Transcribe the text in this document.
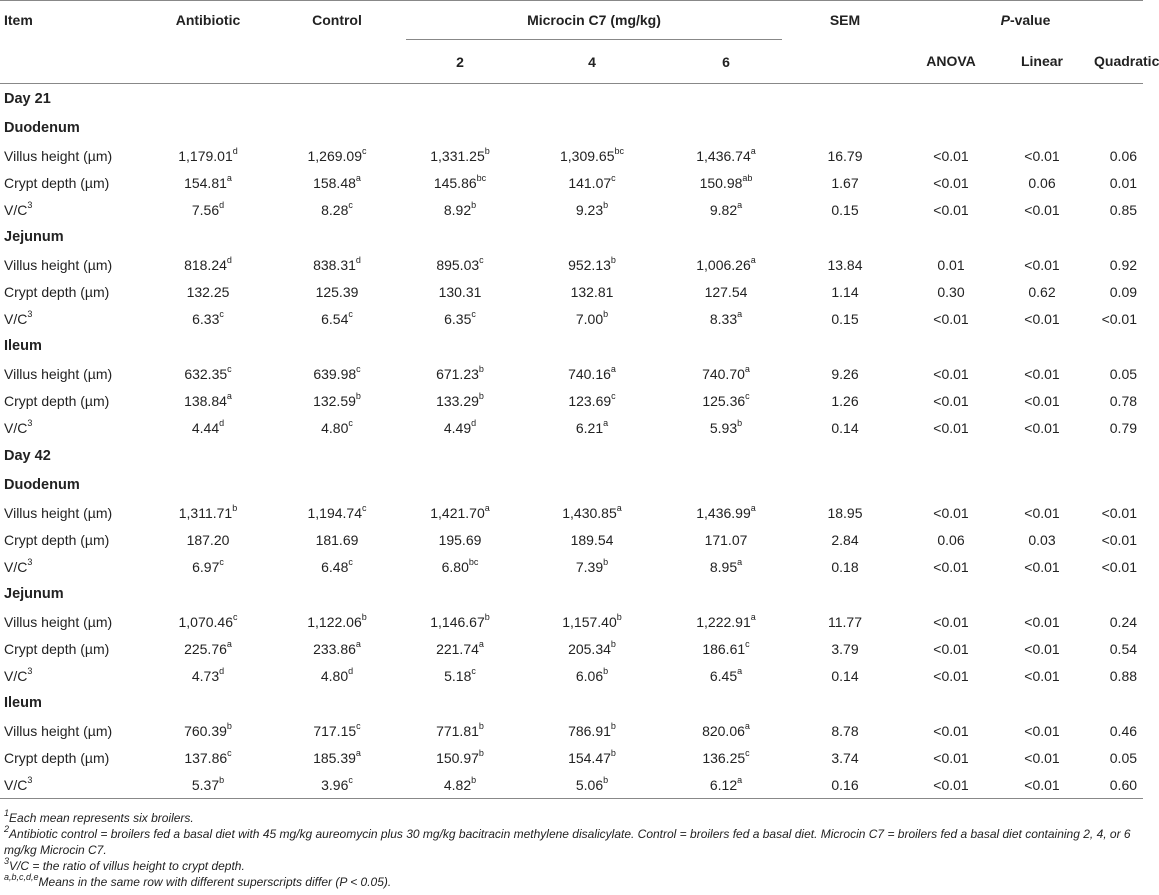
Item	Antibiotic	Control	Microcin C7 (mg/kg)			SEM	P-value		
			2	4	6		ANOVA	Linear	Quadratic
Day 21									
Duodenum									
Villus height (µm)	1,179.01$^d$	1,269.09$^c$	1,331.25$^b$	1,309.65$^{bc}$	1,436.74$^a$	16.79	<0.01	<0.01	0.06
Crypt depth (µm)	154.81$^a$	158.48$^a$	145.86$^{bc}$	141.07$^c$	150.98$^{ab}$	1.67	<0.01	0.06	0.01
$V/C^3$	7.56$^d$	8.28$^c$	8.92$^b$	9.23$^b$	9.82$^a$	0.15	<0.01	<0.01	0.85
Jejunum									
Villus height (µm)	818.24$^d$	838.31$^d$	895.03$^c$	952.13$^b$	1,006.26$^a$	13.84	0.01	<0.01	0.92
Crypt depth (µm)	132.25	125.39	130.31	132.81	127.54	1.14	0.30	0.62	0.09
$V/C^3$	6.33$^c$	6.54$^c$	6.35$^c$	7.00$^b$	8.33$^a$	0.15	<0.01	<0.01	<0.01
Ileum									
Villus height (µm)	632.35$^c$	639.98$^c$	671.23$^b$	740.16$^a$	740.70$^a$	9.26	<0.01	<0.01	0.05
Crypt depth (µm)	138.84$^a$	132.59$^b$	133.29$^b$	123.69$^c$	125.36$^c$	1.26	<0.01	<0.01	0.78
$V/C^3$	4.44$^d$	4.80$^c$	4.49$^d$	6.21$^a$	5.93$^b$	0.14	<0.01	<0.01	0.79
Day 42									
Duodenum									
Villus height (µm)	1,311.71$^b$	1,194.74$^c$	1,421.70$^a$	1,430.85$^a$	1,436.99$^a$	18.95	<0.01	<0.01	<0.01
Crypt depth (µm)	187.20	181.69	195.69	189.54	171.07	2.84	0.06	0.03	<0.01
$V/C^3$	6.97$^c$	6.48$^c$	6.80$^{bc}$	7.39$^b$	8.95$^a$	0.18	<0.01	<0.01	<0.01
Jejunum									
Villus height (µm)	1,070.46$^c$	1,122.06$^b$	1,146.67$^b$	1,157.40$^b$	1,222.91$^a$	11.77	<0.01	<0.01	0.24
Crypt depth (µm)	225.76$^a$	233.86$^a$	221.74$^a$	205.34$^b$	186.61$^c$	3.79	<0.01	<0.01	0.54
$V/C^3$	4.73$^d$	4.80$^d$	5.18$^c$	6.06$^b$	6.45$^a$	0.14	<0.01	<0.01	0.88
Ileum									
Villus height (µm)	760.39$^b$	717.15$^c$	771.81$^b$	786.91$^b$	820.06$^a$	8.78	<0.01	<0.01	0.46
Crypt depth (µm)	137.86$^c$	185.39$^a$	150.97$^b$	154.47$^b$	136.25$^c$	3.74	<0.01	<0.01	0.05
$V/C^3$	5.37$^b$	3.96$^c$	4.82$^b$	5.06$^b$	6.12$^a$	0.16	<0.01	<0.01	0.60

$^1$Each mean represents six broilers.

$^2$Antibiotic control = broilers fed a basal diet with 45 mg/kg aureomycin plus 30 mg/kg bacitracin methylene disalicylate. Control = broilers fed a basal diet. Microcin C7 = broilers fed a basal diet containing 2, 4, or 6 mg/kg Microcin C7.

$^3$V/C = the ratio of villus height to crypt depth.

$^{a,b,c,d,e}$Means in the same row with different superscripts differ (P < 0.05).
